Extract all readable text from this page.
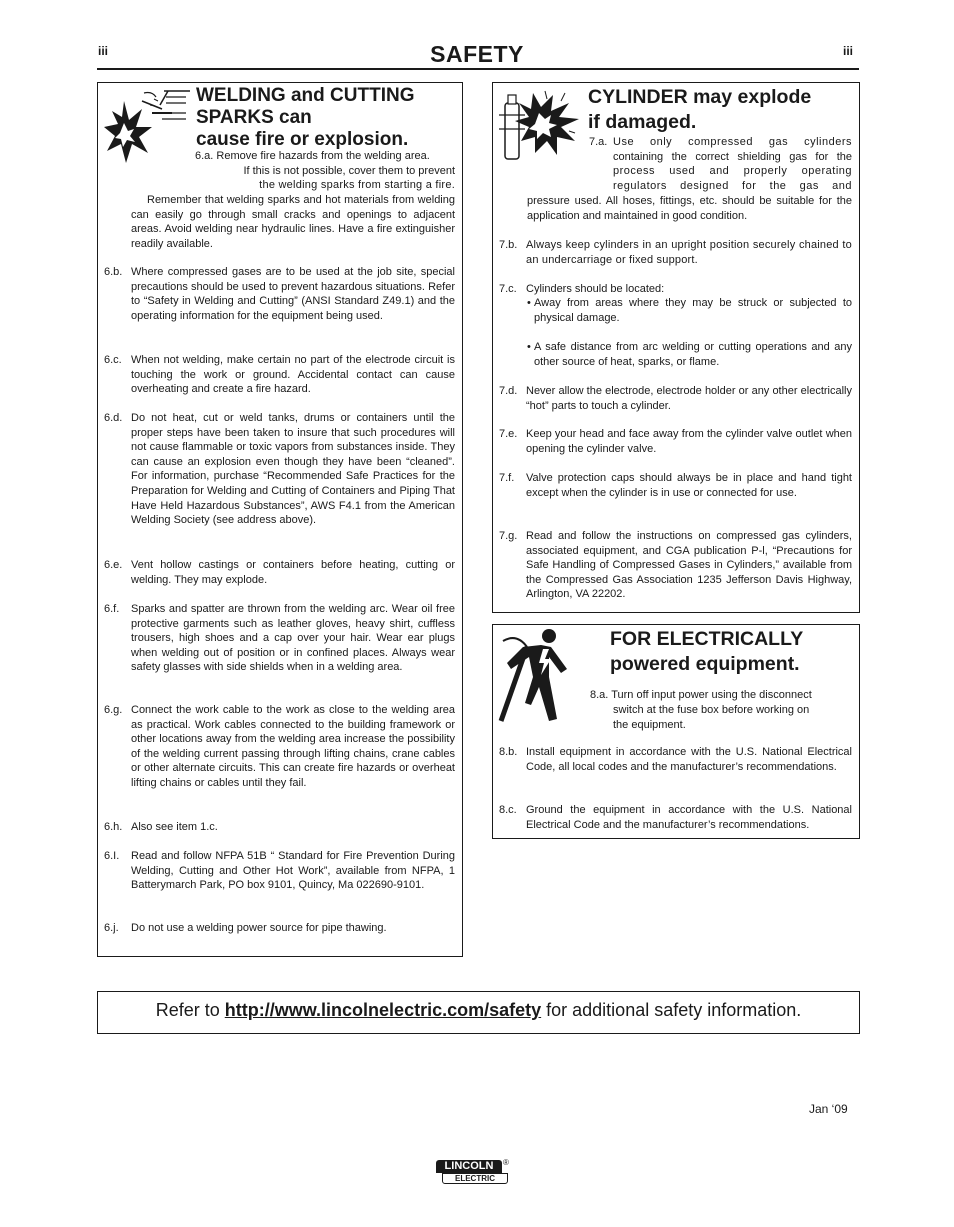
iii	SAFETY	iii
WELDING and CUTTING
SPARKS can
cause fire or explosion.
6.a. Remove fire hazards from the welding area.
If this is not possible, cover them to prevent
the welding sparks from starting a fire.
Remember that welding sparks and hot materials from welding can easily go through small cracks and openings to adjacent areas. Avoid welding near hydraulic lines. Have a fire extinguisher readily available.
6.b. Where compressed gases are to be used at the job site, special precautions should be used to prevent hazardous situations. Refer to “Safety in Welding and Cutting” (ANSI Standard Z49.1) and the operating information for the equipment being used.
6.c. When not welding, make certain no part of the electrode circuit is touching the work or ground. Accidental contact can cause overheating and create a fire hazard.
6.d. Do not heat, cut or weld tanks, drums or containers until the proper steps have been taken to insure that such procedures will not cause flammable or toxic vapors from substances inside. They can cause an explosion even though they have been “cleaned”. For information, purchase “Recommended Safe Practices for the Preparation for Welding and Cutting of Containers and Piping That Have Held Hazardous Substances”, AWS F4.1 from the American Welding Society (see address above).
6.e. Vent hollow castings or containers before heating, cutting or welding. They may explode.
6.f.	Sparks and spatter are thrown from the welding arc. Wear oil free protective garments such as leather gloves, heavy shirt, cuffless trousers, high shoes and a cap over your hair. Wear ear plugs when welding out of position or in confined places. Always wear safety glasses with side shields when in a welding area.
6.g. Connect the work cable to the work as close to the welding area as practical. Work cables connected to the building framework or other locations away from the welding area increase the possibility of the welding current passing through lifting chains, crane cables or other alternate circuits. This can create fire hazards or overheat lifting chains or cables until they fail.
6.h. Also see item 1.c.
6.I.	Read and follow NFPA 51B “ Standard for Fire Prevention During Welding, Cutting and Other Hot Work”, available from NFPA, 1 Batterymarch Park, PO box 9101, Quincy, Ma 022690-9101.
6.j.	Do not use a welding power source for pipe thawing.
CYLINDER may explode
if damaged.
7.a. Use only compressed gas cylinders
containing the correct shielding gas for the
process used and properly operating
regulators designed for the gas and
pressure used. All hoses, fittings, etc. should be suitable for the application and maintained in good condition.
7.b. Always keep cylinders in an upright position securely chained to an undercarriage or fixed support.
7.c. Cylinders should be located:
• Away from areas where they may be struck or subjected to physical damage.
• A safe distance from arc welding or cutting operations and any other source of heat, sparks, or flame.
7.d. Never allow the electrode, electrode holder or any other electrically “hot” parts to touch a cylinder.
7.e. Keep your head and face away from the cylinder valve outlet when opening the cylinder valve.
7.f.	Valve protection caps should always be in place and hand tight except when the cylinder is in use or connected for use.
7.g. Read and follow the instructions on compressed gas cylinders, associated equipment, and CGA publication P-l, “Precautions for Safe Handling of Compressed Gases in Cylinders,” available from the Compressed Gas Association 1235 Jefferson Davis Highway, Arlington, VA 22202.
FOR ELECTRICALLY
powered equipment.
8.a. Turn off input power using the disconnect
switch at the fuse box before working on
the equipment.
8.b. Install equipment in accordance with the U.S. National Electrical Code, all local codes and the manufacturer’s recommendations.
8.c. Ground the equipment in accordance with the U.S. National Electrical Code and the manufacturer’s recommendations.
Refer to http://www.lincolnelectric.com/safety for additional safety information.
Jan ‘09
LINCOLN
ELECTRIC
®
